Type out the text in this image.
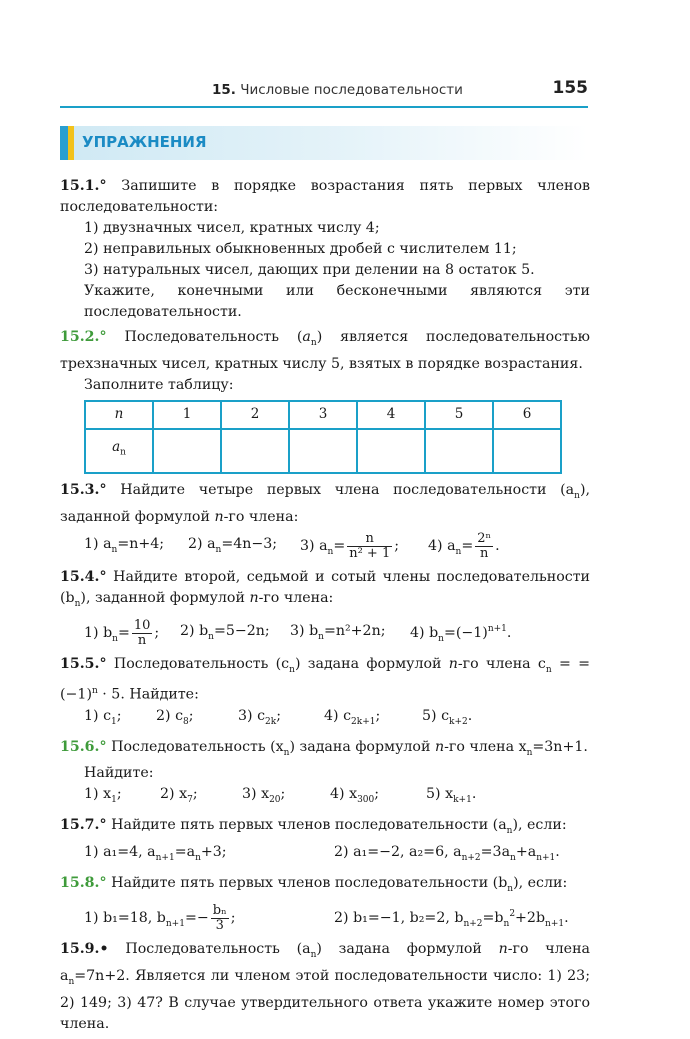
15. Числовые последовательности	155
УПРАЖНЕНИЯ
15.1.° Запишите в порядке возрастания пять первых членов последовательности:
1) двузначных чисел, кратных числу 4;
2) неправильных обыкновенных дробей с числителем 11;
3) натуральных чисел, дающих при делении на 8 остаток 5.
Укажите, конечными или бесконечными являются эти последовательности.
15.2.° Последовательность $(a_n)$ является последовательностью трехзначных чисел, кратных числу 5, взятых в порядке возрастания.
Заполните таблицу:
n	1	2	3	4	5	6
$a_n$						
15.3.° Найдите четыре первых члена последовательности $(a_n)$, заданной формулой n-го члена:
1) an=n+4;	2) an=4n−3;	3) $an= \frac{n}{\text{n² + 1}}$ ;	4) $an= \frac{\text{2ⁿ}}{n}$ .
15.4.° Найдите второй, седьмой и сотый члены последовательности $(b_n)$, заданной формулой n-го члена:
1) $bn= \frac{10}{n}$ ;	2) bn=5−2n;	3) bn=n²+2n;	4) bn=(−1)n+1.
15.5.° Последовательность $(c_n)$ задана формулой n-го члена $c_n$ = = $(-1)^n \cdot 5$. Найдите:
1) c1;	2) c8;	3) c2k;	4) c2k+1;	5) ck+2.
15.6.° Последовательность $(x_n)$ задана формулой n-го члена $x_n=3n+1$.
Найдите:
1) x1;	2) x7;	3) x20;	4) x300;	5) xk+1.
15.7.° Найдите пять первых членов последовательности $(a_n)$, если:
1) a₁=4, an+1=an+3;	2) a₁=−2, a₂=6, an+2=3an+an+1.
15.8.° Найдите пять первых членов последовательности $(b_n)$, если:
1) b₁=18, $bn+1=- \frac{\text{bₙ}}{3}$ ;	2) b₁=−1, b₂=2, bn+2=bn2+2bn+1.
15.9.• Последовательность $(a_n)$ задана формулой n-го члена $a_n=7n+2$. Является ли членом этой последовательности число: 1) 23; 2) 149; 3) 47? В случае утвердительного ответа укажите номер этого члена.
